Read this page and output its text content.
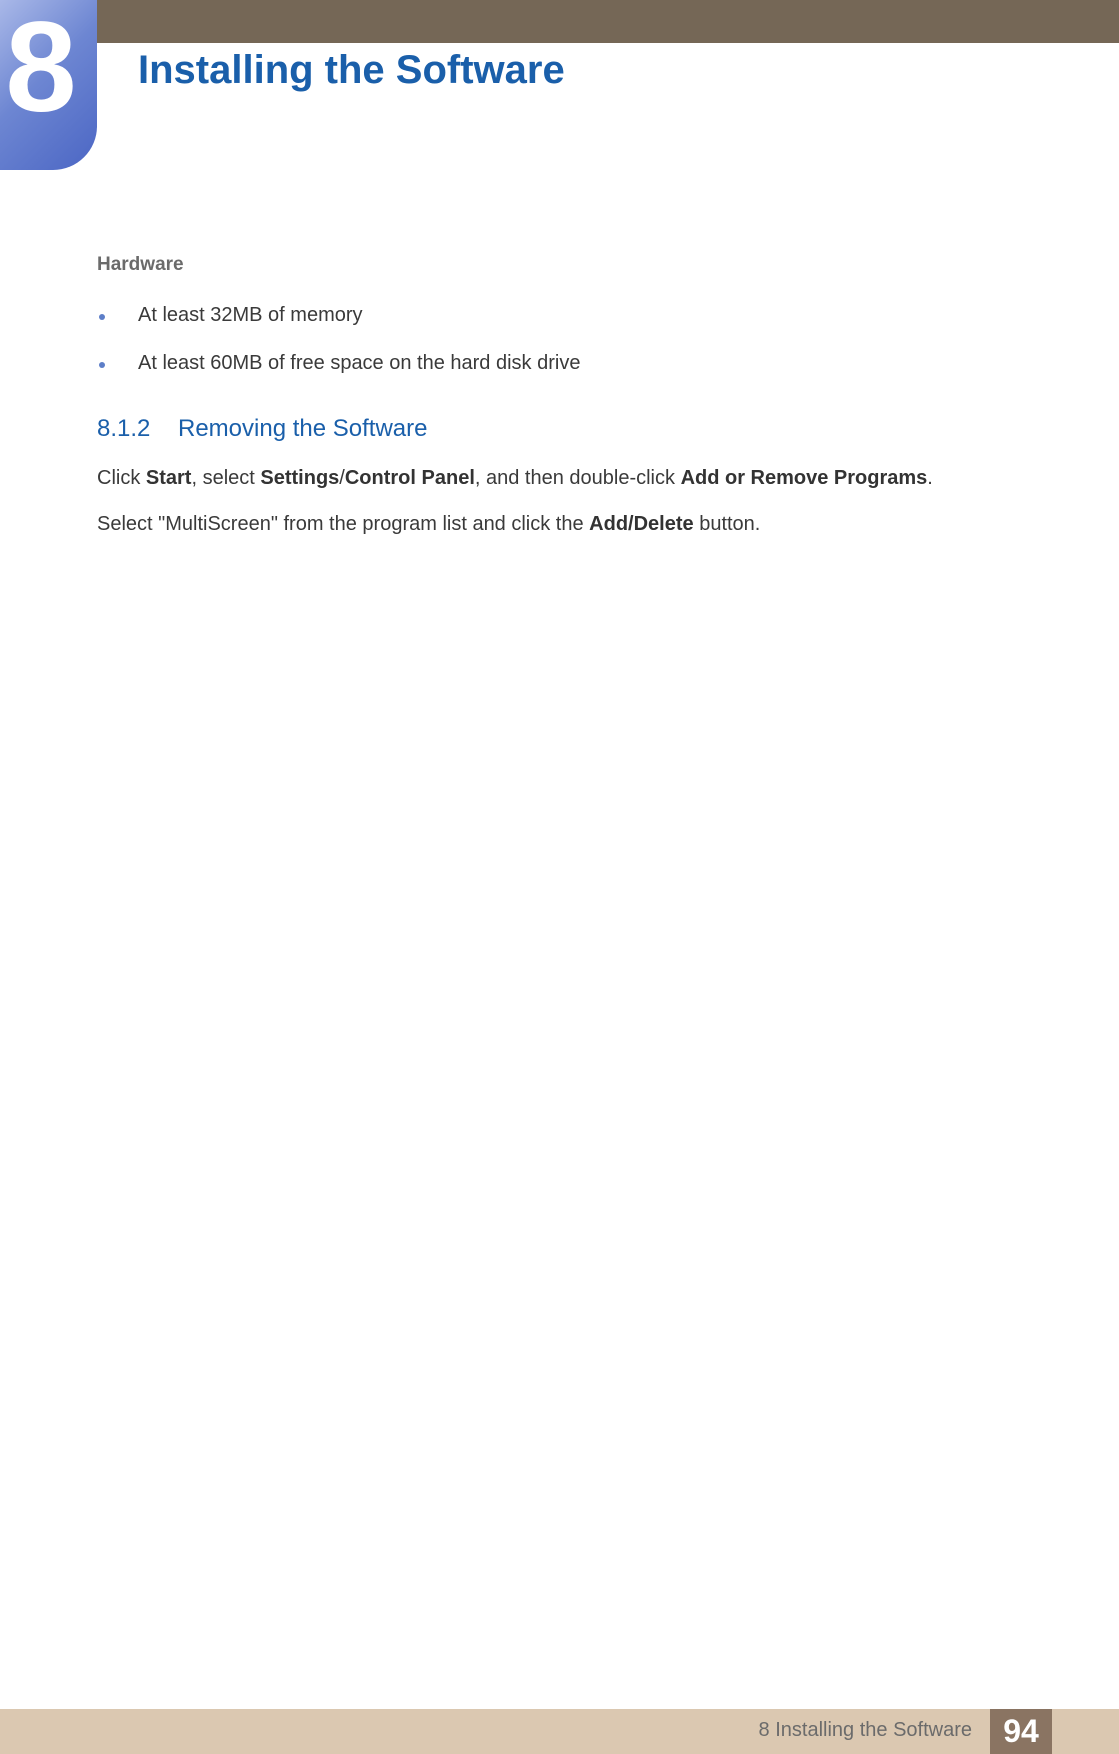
8 Installing the Software

Hardware

At least 32MB of memory
At least 60MB of free space on the hard disk drive
8.1.2 Removing the Software

Click Start, select Settings/Control Panel, and then double-click Add or Remove Programs.

Select "MultiScreen" from the program list and click the Add/Delete button.

8 Installing the Software 94
